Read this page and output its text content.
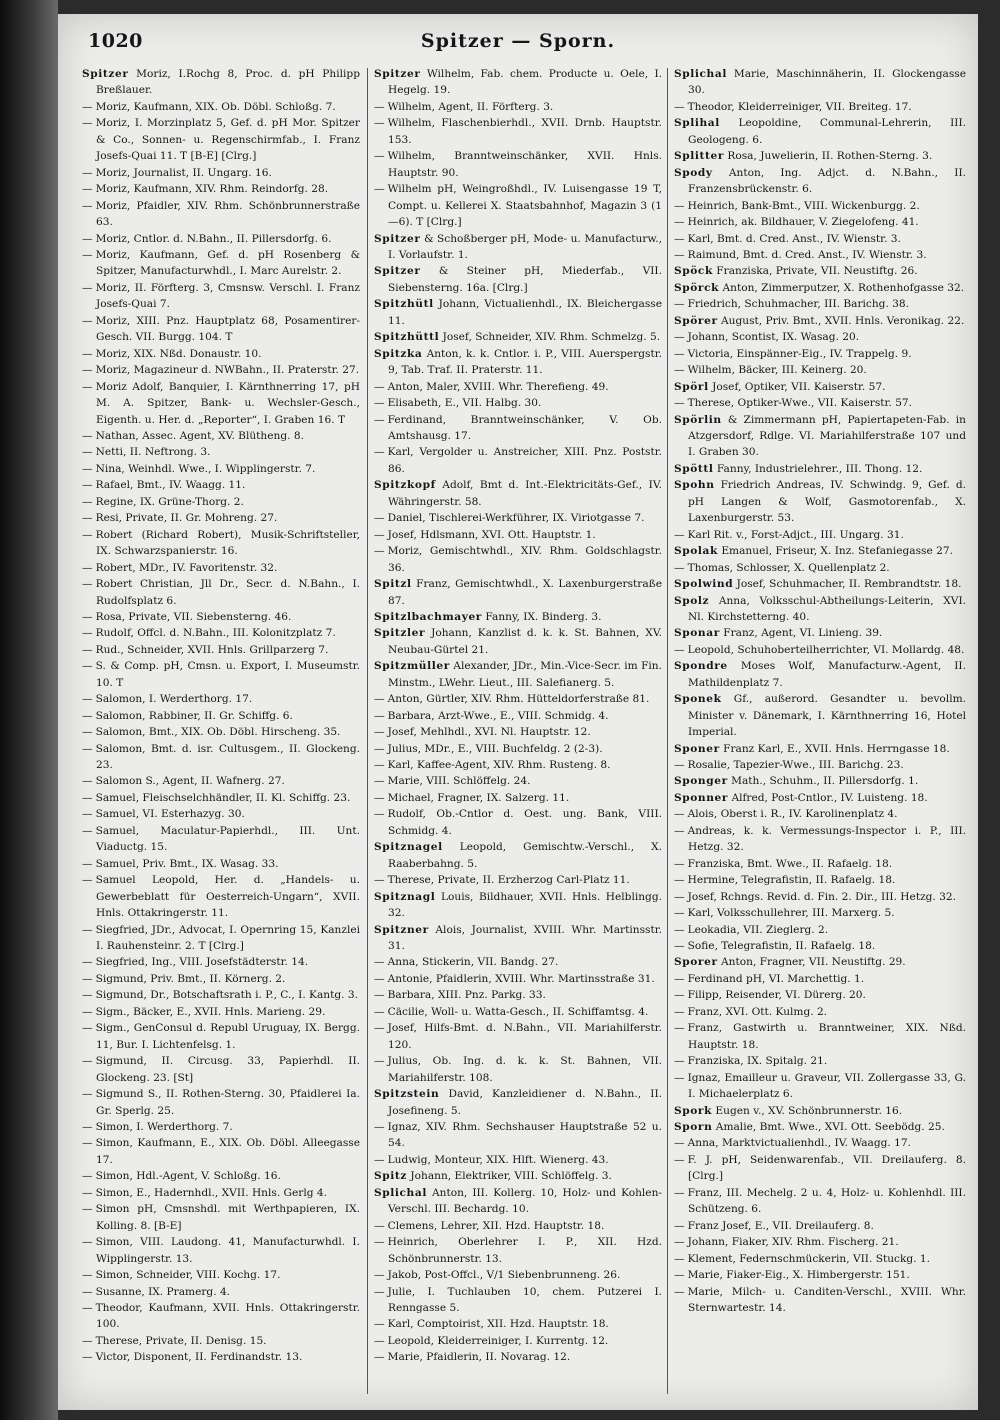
1020	Spitzer — Sporn.
Spitzer Moriz, I.Rochg 8, Proc. d. pH Philipp Breßlauer.
— Moriz, Kaufmann, XIX. Ob. Döbl. Schloßg. 7.
— Moriz, I. Morzinplatz 5, Gef. d. pH Mor. Spitzer & Co., Sonnen- u. Regenschirmfab., I. Franz Josefs-Quai 11. T [B-E] [Clrg.]
— Moriz, Journalist, II. Ungarg. 16.
— Moriz, Kaufmann, XIV. Rhm. Reindorfg. 28.
— Moriz, Pfaidler, XIV. Rhm. Schönbrunnerstraße 63.
— Moriz, Cntlor. d. N.Bahn., II. Pillersdorfg. 6.
— Moriz, Kaufmann, Gef. d. pH Rosenberg & Spitzer, Manufacturwhdl., I. Marc Aurelstr. 2.
— Moriz, II. Förfterg. 3, Cmsnsw. Verschl. I. Franz Josefs-Quai 7.
— Moriz, XIII. Pnz. Hauptplatz 68, Posamentirer-Gesch. VII. Burgg. 104. T
— Moriz, XIX. Nßd. Donaustr. 10.
— Moriz, Magazineur d. NWBahn., II. Praterstr. 27.
— Moriz Adolf, Banquier, I. Kärnthnerring 17, pH M. A. Spitzer, Bank- u. Wechsler-Gesch., Eigenth. u. Her. d. „Reporter“, I. Graben 16. T
— Nathan, Assec. Agent, XV. Blütheng. 8.
— Netti, II. Neftrong. 3.
— Nina, Weinhdl. Wwe., I. Wipplingerstr. 7.
— Rafael, Bmt., IV. Waagg. 11.
— Regine, IX. Grüne-Thorg. 2.
— Resi, Private, II. Gr. Mohreng. 27.
— Robert (Richard Robert), Musik-Schriftsteller, IX. Schwarzspanierstr. 16.
— Robert, MDr., IV. Favoritenstr. 32.
— Robert Christian, Jll Dr., Secr. d. N.Bahn., I. Rudolfsplatz 6.
— Rosa, Private, VII. Siebensterng. 46.
— Rudolf, Offcl. d. N.Bahn., III. Kolonitzplatz 7.
— Rud., Schneider, XVII. Hnls. Grillparzerg 7.
— S. & Comp. pH, Cmsn. u. Export, I. Museumstr. 10. T
— Salomon, I. Werderthorg. 17.
— Salomon, Rabbiner, II. Gr. Schiffg. 6.
— Salomon, Bmt., XIX. Ob. Döbl. Hirscheng. 35.
— Salomon, Bmt. d. isr. Cultusgem., II. Glockeng. 23.
— Salomon S., Agent, II. Wafnerg. 27.
— Samuel, Fleischselchhändler, II. Kl. Schiffg. 23.
— Samuel, VI. Esterhazyg. 30.
— Samuel, Maculatur-Papierhdl., III. Unt. Viaductg. 15.
— Samuel, Priv. Bmt., IX. Wasag. 33.
— Samuel Leopold, Her. d. „Handels- u. Gewerbeblatt für Oesterreich-Ungarn“, XVII. Hnls. Ottakringerstr. 11.
— Siegfried, JDr., Advocat, I. Opernring 15, Kanzlei I. Rauhensteinr. 2. T [Clrg.]
— Siegfried, Ing., VIII. Josefstädterstr. 14.
— Sigmund, Priv. Bmt., II. Körnerg. 2.
— Sigmund, Dr., Botschaftsrath i. P., C., I. Kantg. 3.
— Sigm., Bäcker, E., XVII. Hnls. Marieng. 29.
— Sigm., GenConsul d. Republ Uruguay, IX. Bergg. 11, Bur. I. Lichtenfelsg. 1.
— Sigmund, II. Circusg. 33, Papierhdl. II. Glockeng. 23. [St]
— Sigmund S., II. Rothen-Sterng. 30, Pfaidlerei Ia. Gr. Sperlg. 25.
— Simon, I. Werderthorg. 7.
— Simon, Kaufmann, E., XIX. Ob. Döbl. Alleegasse 17.
— Simon, Hdl.-Agent, V. Schloßg. 16.
— Simon, E., Hadernhdl., XVII. Hnls. Gerlg 4.
— Simon pH, Cmsnshdl. mit Werthpapieren, IX. Kolling. 8. [B-E]
— Simon, VIII. Laudong. 41, Manufacturwhdl. I. Wipplingerstr. 13.
— Simon, Schneider, VIII. Kochg. 17.
— Susanne, IX. Pramerg. 4.
— Theodor, Kaufmann, XVII. Hnls. Ottakringerstr. 100.
— Therese, Private, II. Denisg. 15.
— Victor, Disponent, II. Ferdinandstr. 13.
Spitzer Wilhelm, Fab. chem. Producte u. Oele, I. Hegelg. 19.
— Wilhelm, Agent, II. Förfterg. 3.
— Wilhelm, Flaschenbierhdl., XVII. Drnb. Hauptstr. 153.
— Wilhelm, Branntweinschänker, XVII. Hnls. Hauptstr. 90.
— Wilhelm pH, Weingroßhdl., IV. Luisengasse 19 T, Compt. u. Kellerei X. Staatsbahnhof, Magazin 3 (1—6). T [Clrg.]
Spitzer & Schoßberger pH, Mode- u. Manufacturw., I. Vorlaufstr. 1.
Spitzer & Steiner pH, Miederfab., VII. Siebensterng. 16a. [Clrg.]
Spitzhütl Johann, Victualienhdl., IX. Bleichergasse 11.
Spitzhüttl Josef, Schneider, XIV. Rhm. Schmelzg. 5.
Spitzka Anton, k. k. Cntlor. i. P., VIII. Auerspergstr. 9, Tab. Traf. II. Praterstr. 11.
— Anton, Maler, XVIII. Whr. Therefieng. 49.
— Elisabeth, E., VII. Halbg. 30.
— Ferdinand, Branntweinschänker, V. Ob. Amtshausg. 17.
— Karl, Vergolder u. Anstreicher, XIII. Pnz. Poststr. 86.
Spitzkopf Adolf, Bmt d. Int.-Elektricitäts-Gef., IV. Währingerstr. 58.
— Daniel, Tischlerei-Werkführer, IX. Viriotgasse 7.
— Josef, Hdlsmann, XVI. Ott. Hauptstr. 1.
— Moriz, Gemischtwhdl., XIV. Rhm. Goldschlagstr. 36.
Spitzl Franz, Gemischtwhdl., X. Laxenburgerstraße 87.
Spitzlbachmayer Fanny, IX. Binderg. 3.
Spitzler Johann, Kanzlist d. k. k. St. Bahnen, XV. Neubau-Gürtel 21.
Spitzmüller Alexander, JDr., Min.-Vice-Secr. im Fin. Minstm., LWehr. Lieut., III. Salefianerg. 5.
— Anton, Gürtler, XIV. Rhm. Hütteldorferstraße 81.
— Barbara, Arzt-Wwe., E., VIII. Schmidg. 4.
— Josef, Mehlhdl., XVI. Nl. Hauptstr. 12.
— Julius, MDr., E., VIII. Buchfeldg. 2 (2-3).
— Karl, Kaffee-Agent, XIV. Rhm. Rusteng. 8.
— Marie, VIII. Schlöffelg. 24.
— Michael, Fragner, IX. Salzerg. 11.
— Rudolf, Ob.-Cntlor d. Oest. ung. Bank, VIII. Schmidg. 4.
Spitznagel Leopold, Gemischtw.-Verschl., X. Raaberbahng. 5.
— Therese, Private, II. Erzherzog Carl-Platz 11.
Spitznagl Louis, Bildhauer, XVII. Hnls. Helblingg. 32.
Spitzner Alois, Journalist, XVIII. Whr. Martinsstr. 31.
— Anna, Stickerin, VII. Bandg. 27.
— Antonie, Pfaidlerin, XVIII. Whr. Martinsstraße 31.
— Barbara, XIII. Pnz. Parkg. 33.
— Cäcilie, Woll- u. Watta-Gesch., II. Schiffamtsg. 4.
— Josef, Hilfs-Bmt. d. N.Bahn., VII. Mariahilferstr. 120.
— Julius, Ob. Ing. d. k. k. St. Bahnen, VII. Mariahilferstr. 108.
Spitzstein David, Kanzleidiener d. N.Bahn., II. Josefineng. 5.
— Ignaz, XIV. Rhm. Sechshauser Hauptstraße 52 u. 54.
— Ludwig, Monteur, XIX. Hlft. Wienerg. 43.
Spitz Johann, Elektriker, VIII. Schlöffelg. 3.
Splichal Anton, III. Kollerg. 10, Holz- und Kohlen-Verschl. III. Bechardg. 10.
— Clemens, Lehrer, XII. Hzd. Hauptstr. 18.
— Heinrich, Oberlehrer I. P., XII. Hzd. Schönbrunnerstr. 13.
— Jakob, Post-Offcl., V/1 Siebenbrunneng. 26.
— Julie, I. Tuchlauben 10, chem. Putzerei I. Renngasse 5.
— Karl, Comptoirist, XII. Hzd. Hauptstr. 18.
— Leopold, Kleiderreiniger, I. Kurrentg. 12.
— Marie, Pfaidlerin, II. Novarag. 12.
Splichal Marie, Maschinnäherin, II. Glockengasse 30.
— Theodor, Kleiderreiniger, VII. Breiteg. 17.
Splihal Leopoldine, Communal-Lehrerin, III. Geologeng. 6.
Splitter Rosa, Juwelierin, II. Rothen-Sterng. 3.
Spody Anton, Ing. Adjct. d. N.Bahn., II. Franzensbrückenstr. 6.
— Heinrich, Bank-Bmt., VIII. Wickenburgg. 2.
— Heinrich, ak. Bildhauer, V. Ziegelofeng. 41.
— Karl, Bmt. d. Cred. Anst., IV. Wienstr. 3.
— Raimund, Bmt. d. Cred. Anst., IV. Wienstr. 3.
Spöck Franziska, Private, VII. Neustiftg. 26.
Spörck Anton, Zimmerputzer, X. Rothenhofgasse 32.
— Friedrich, Schuhmacher, III. Barichg. 38.
Spörer August, Priv. Bmt., XVII. Hnls. Veronikag. 22.
— Johann, Scontist, IX. Wasag. 20.
— Victoria, Einspänner-Eig., IV. Trappelg. 9.
— Wilhelm, Bäcker, III. Keinerg. 20.
Spörl Josef, Optiker, VII. Kaiserstr. 57.
— Therese, Optiker-Wwe., VII. Kaiserstr. 57.
Spörlin & Zimmermann pH, Papiertapeten-Fab. in Atzgersdorf, Rdlge. VI. Mariahilferstraße 107 und I. Graben 30.
Spöttl Fanny, Industrielehrer., III. Thong. 12.
Spohn Friedrich Andreas, IV. Schwindg. 9, Gef. d. pH Langen & Wolf, Gasmotorenfab., X. Laxenburgerstr. 53.
— Karl Rit. v., Forst-Adjct., III. Ungarg. 31.
Spolak Emanuel, Friseur, X. Inz. Stefaniegasse 27.
— Thomas, Schlosser, X. Quellenplatz 2.
Spolwind Josef, Schuhmacher, II. Rembrandtstr. 18.
Spolz Anna, Volksschul-Abtheilungs-Leiterin, XVI. Nl. Kirchstetterng. 40.
Sponar Franz, Agent, VI. Linieng. 39.
— Leopold, Schuhoberteilherrichter, VI. Mollardg. 48.
Spondre Moses Wolf, Manufacturw.-Agent, II. Mathildenplatz 7.
Sponek Gf., außerord. Gesandter u. bevollm. Minister v. Dänemark, I. Kärnthnerring 16, Hotel Imperial.
Sponer Franz Karl, E., XVII. Hnls. Herrngasse 18.
— Rosalie, Tapezier-Wwe., III. Barichg. 23.
Sponger Math., Schuhm., II. Pillersdorfg. 1.
Sponner Alfred, Post-Cntlor., IV. Luisteng. 18.
— Alois, Oberst i. R., IV. Karolinenplatz 4.
— Andreas, k. k. Vermessungs-Inspector i. P., III. Hetzg. 32.
— Franziska, Bmt. Wwe., II. Rafaelg. 18.
— Hermine, Telegrafistin, II. Rafaelg. 18.
— Josef, Rchngs. Revid. d. Fin. 2. Dir., III. Hetzg. 32.
— Karl, Volksschullehrer, III. Marxerg. 5.
— Leokadia, VII. Zieglerg. 2.
— Sofie, Telegrafistin, II. Rafaelg. 18.
Sporer Anton, Fragner, VII. Neustiftg. 29.
— Ferdinand pH, VI. Marchettig. 1.
— Filipp, Reisender, VI. Dürerg. 20.
— Franz, XVI. Ott. Kulmg. 2.
— Franz, Gastwirth u. Branntweiner, XIX. Nßd. Hauptstr. 18.
— Franziska, IX. Spitalg. 21.
— Ignaz, Emailleur u. Graveur, VII. Zollergasse 33, G. I. Michaelerplatz 6.
Spork Eugen v., XV. Schönbrunnerstr. 16.
Sporn Amalie, Bmt. Wwe., XVI. Ott. Seebödg. 25.
— Anna, Marktvictualienhdl., IV. Waagg. 17.
— F. J. pH, Seidenwarenfab., VII. Dreilauferg. 8. [Clrg.]
— Franz, III. Mechelg. 2 u. 4, Holz- u. Kohlenhdl. III. Schützeng. 6.
— Franz Josef, E., VII. Dreilauferg. 8.
— Johann, Fiaker, XIV. Rhm. Fischerg. 21.
— Klement, Federnschmückerin, VII. Stuckg. 1.
— Marie, Fiaker-Eig., X. Himbergerstr. 151.
— Marie, Milch- u. Canditen-Verschl., XVIII. Whr. Sternwartestr. 14.
